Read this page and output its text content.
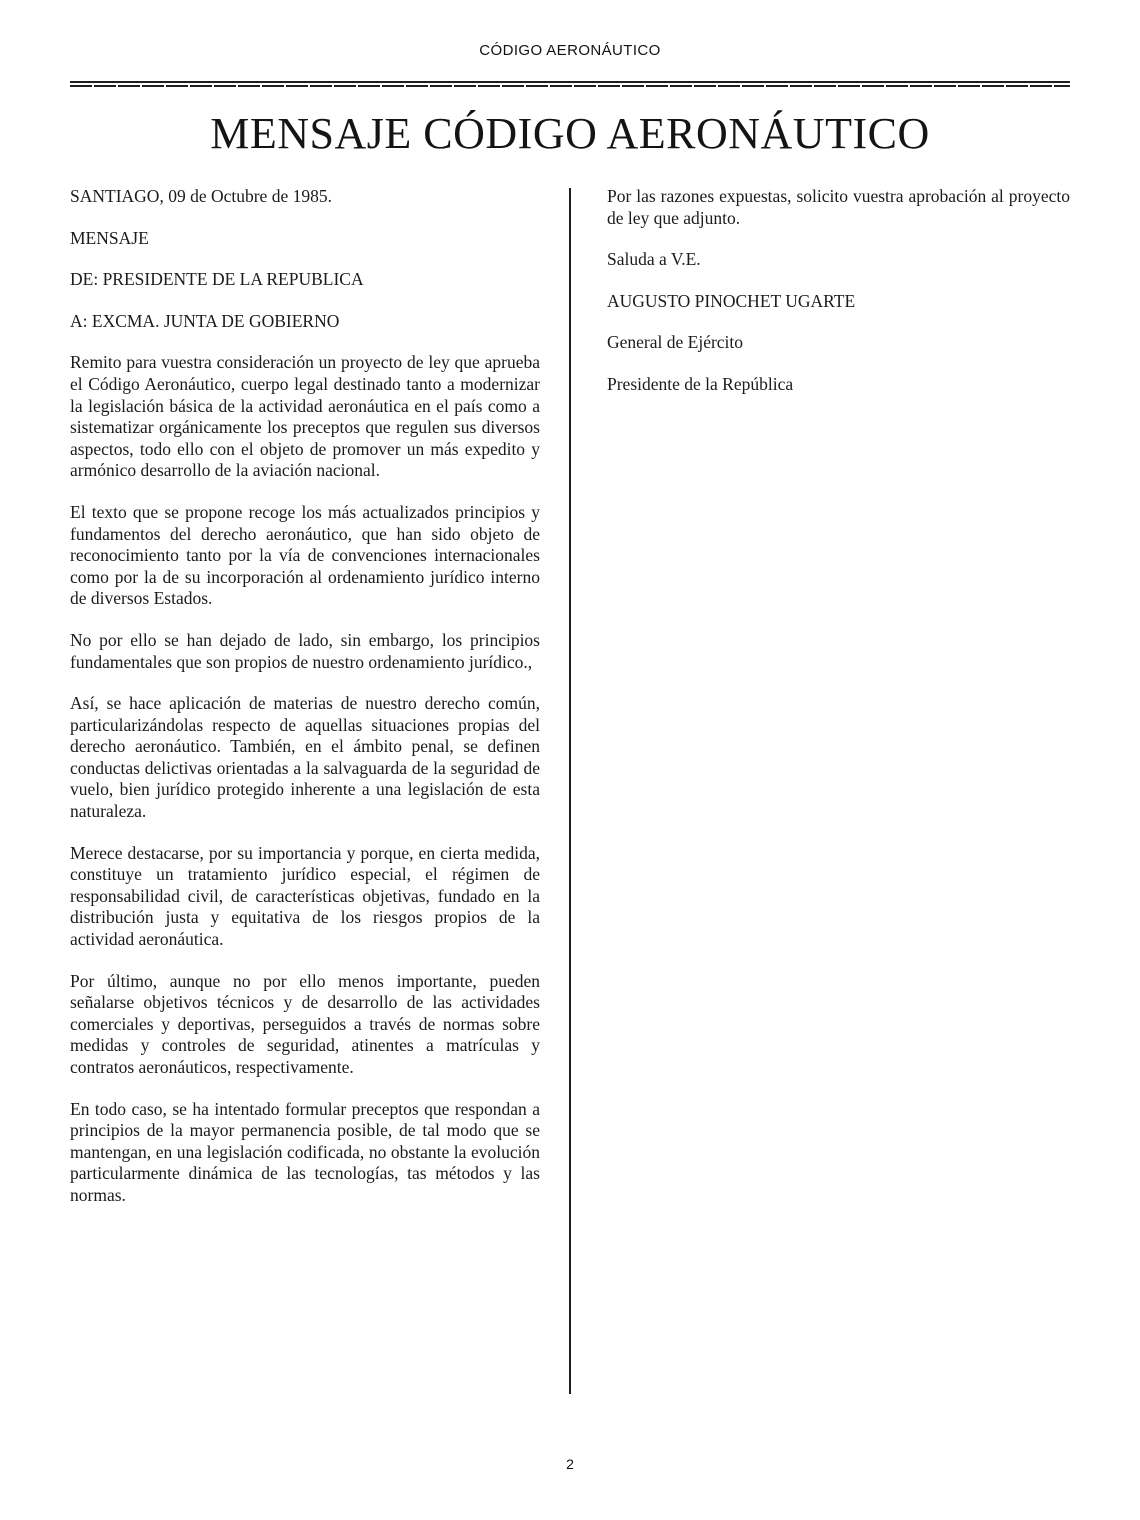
CÓDIGO AERONÁUTICO
MENSAJE CÓDIGO AERONÁUTICO

SANTIAGO, 09 de Octubre de 1985.

MENSAJE

DE: PRESIDENTE DE LA REPUBLICA

A: EXCMA. JUNTA DE GOBIERNO

Remito para vuestra consideración un proyecto de ley que aprueba el Código Aeronáutico, cuerpo legal destinado tanto a modernizar la legislación básica de la actividad aeronáutica en el país como a sistematizar orgánicamente los preceptos que regulen sus diversos aspectos, todo ello con el objeto de promover un más expedito y armónico desarrollo de la aviación nacional.

El texto que se propone recoge los más actualizados principios y fundamentos del derecho aeronáutico, que han sido objeto de reconocimiento tanto por la vía de convenciones internacionales como por la de su incorporación al ordenamiento jurídico interno de diversos Estados.

No por ello se han dejado de lado, sin embargo, los principios fundamentales que son propios de nuestro ordenamiento jurídico.,

Así, se hace aplicación de materias de nuestro derecho común, particularizándolas respecto de aquellas situaciones propias del derecho aeronáutico. También, en el ámbito penal, se definen conductas delictivas orientadas a la salvaguarda de la seguridad de vuelo, bien jurídico protegido inherente a una legislación de esta naturaleza.

Merece destacarse, por su importancia y porque, en cierta medida, constituye un tratamiento jurídico especial, el régimen de responsabilidad civil, de características objetivas, fundado en la distribución justa y equitativa de los riesgos propios de la actividad aeronáutica.

Por último, aunque no por ello menos importante, pueden señalarse objetivos técnicos y de desarrollo de las actividades comerciales y deportivas, perseguidos a través de normas sobre medidas y controles de seguridad, atinentes a matrículas y contratos aeronáuticos, respectivamente.

En todo caso, se ha intentado formular preceptos que respondan a principios de la mayor permanencia posible, de tal modo que se mantengan, en una legislación codificada, no obstante la evolución particularmente dinámica de las tecnologías, tas métodos y las normas.

Por las razones expuestas, solicito vuestra aprobación al proyecto de ley que adjunto.

Saluda a V.E.

AUGUSTO PINOCHET UGARTE

General de Ejército

Presidente de la República

2
